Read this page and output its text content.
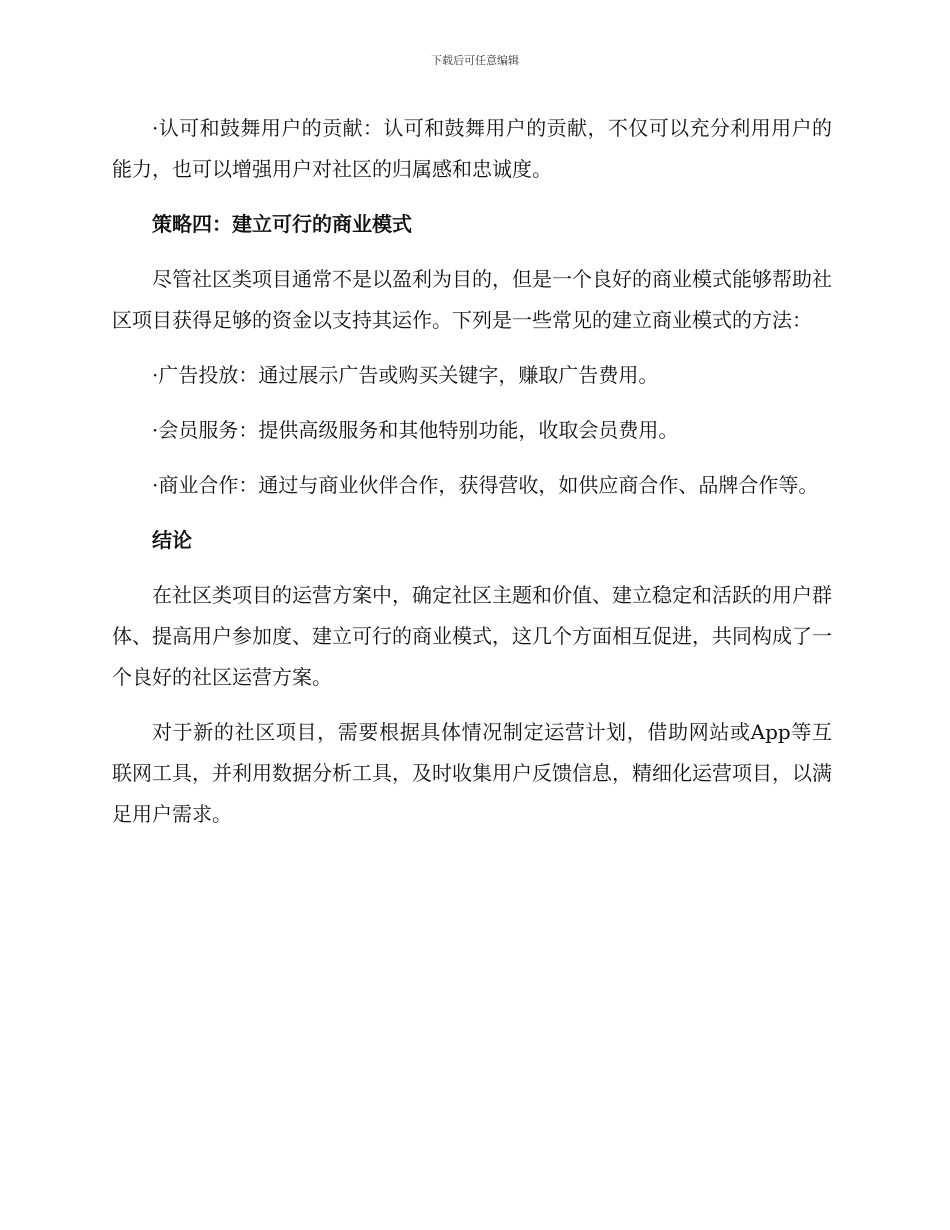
下载后可任意编辑

·认可和鼓舞用户的贡献：认可和鼓舞用户的贡献，不仅可以充分利用用户的能力，也可以增强用户对社区的归属感和忠诚度。

策略四：建立可行的商业模式

尽管社区类项目通常不是以盈利为目的，但是一个良好的商业模式能够帮助社区项目获得足够的资金以支持其运作。下列是一些常见的建立商业模式的方法：

·广告投放：通过展示广告或购买关键字，赚取广告费用。

·会员服务：提供高级服务和其他特别功能，收取会员费用。

·商业合作：通过与商业伙伴合作，获得营收，如供应商合作、品牌合作等。

结论

在社区类项目的运营方案中，确定社区主题和价值、建立稳定和活跃的用户群体、提高用户参加度、建立可行的商业模式，这几个方面相互促进，共同构成了一个良好的社区运营方案。

对于新的社区项目，需要根据具体情况制定运营计划，借助网站或App等互联网工具，并利用数据分析工具，及时收集用户反馈信息，精细化运营项目，以满足用户需求。
